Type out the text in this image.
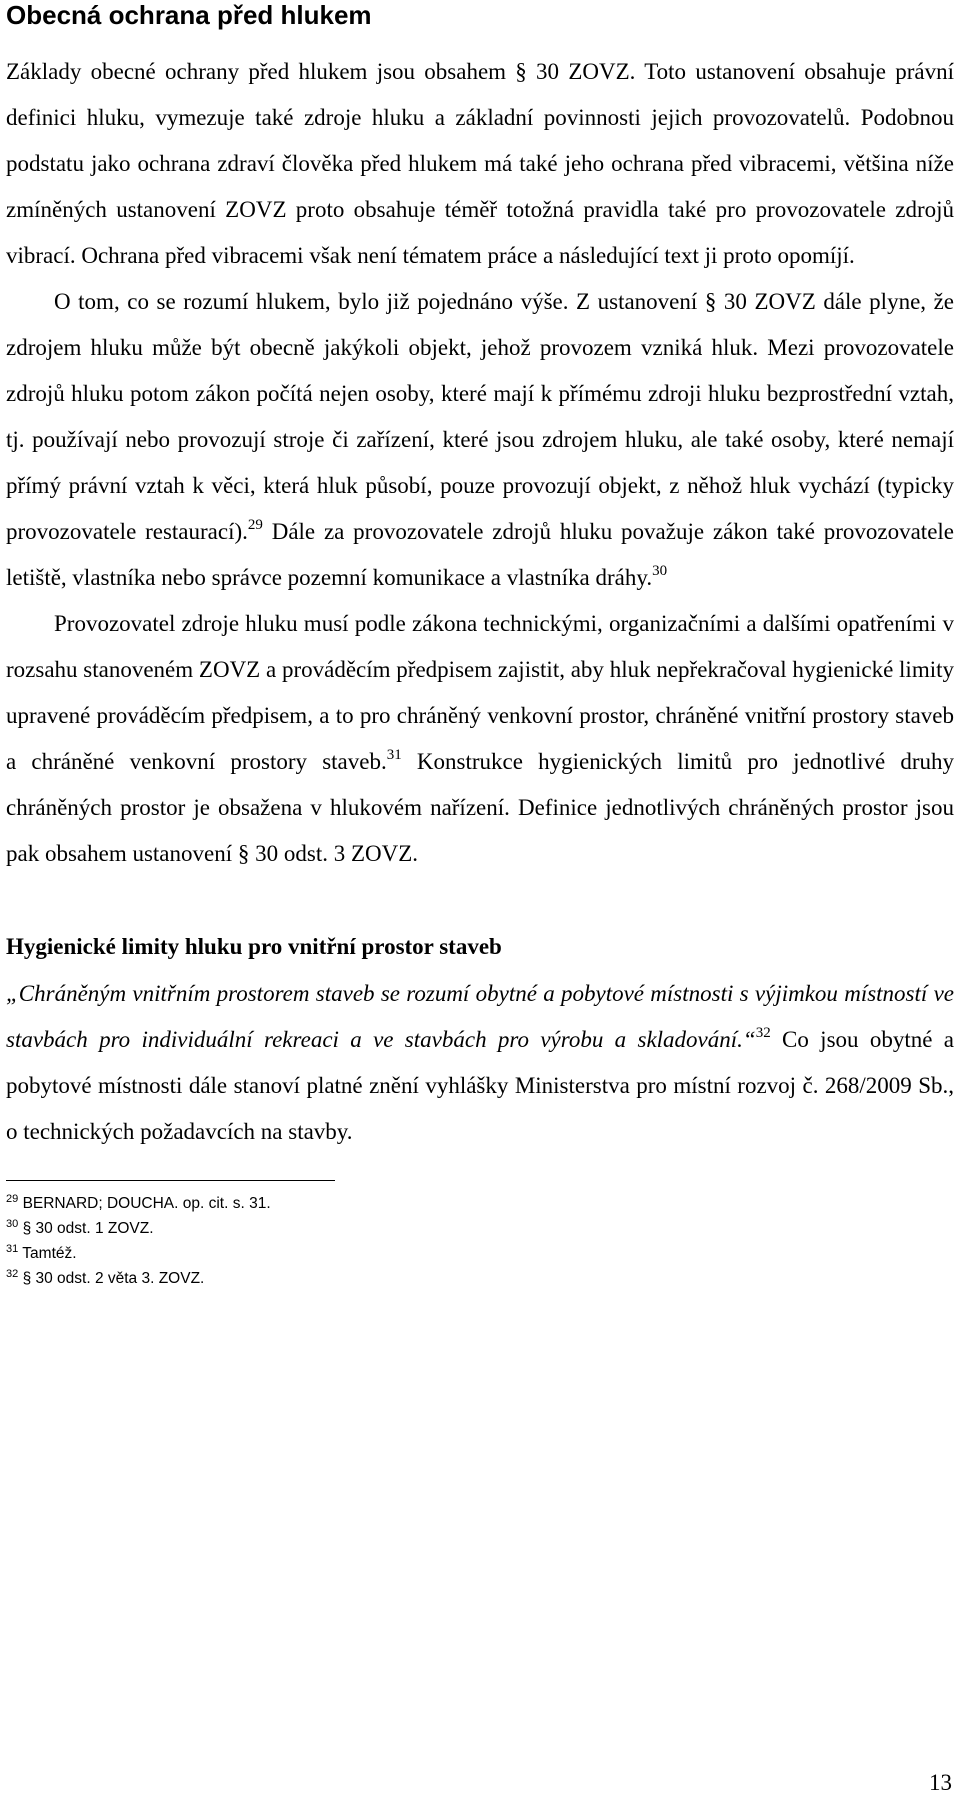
Obecná ochrana před hlukem

Základy obecné ochrany před hlukem jsou obsahem § 30 ZOVZ. Toto ustanovení obsahuje právní definici hluku, vymezuje také zdroje hluku a základní povinnosti jejich provozovatelů. Podobnou podstatu jako ochrana zdraví člověka před hlukem má také jeho ochrana před vibracemi, většina níže zmíněných ustanovení ZOVZ proto obsahuje téměř totožná pravidla také pro provozovatele zdrojů vibrací. Ochrana před vibracemi však není tématem práce a následující text ji proto opomíjí.

O tom, co se rozumí hlukem, bylo již pojednáno výše. Z ustanovení § 30 ZOVZ dále plyne, že zdrojem hluku může být obecně jakýkoli objekt, jehož provozem vzniká hluk. Mezi provozovatele zdrojů hluku potom zákon počítá nejen osoby, které mají k přímému zdroji hluku bezprostřední vztah, tj. používají nebo provozují stroje či zařízení, které jsou zdrojem hluku, ale také osoby, které nemají přímý právní vztah k věci, která hluk působí, pouze provozují objekt, z něhož hluk vychází (typicky provozovatele restaurací).$^{29}$ Dále za provozovatele zdrojů hluku považuje zákon také provozovatele letiště, vlastníka nebo správce pozemní komunikace a vlastníka dráhy.$^{30}$

Provozovatel zdroje hluku musí podle zákona technickými, organizačními a dalšími opatřeními v rozsahu stanoveném ZOVZ a prováděcím předpisem zajistit, aby hluk nepřekračoval hygienické limity upravené prováděcím předpisem, a to pro chráněný venkovní prostor, chráněné vnitřní prostory staveb a chráněné venkovní prostory staveb.$^{31}$ Konstrukce hygienických limitů pro jednotlivé druhy chráněných prostor je obsažena v hlukovém nařízení. Definice jednotlivých chráněných prostor jsou pak obsahem ustanovení § 30 odst. 3 ZOVZ.

Hygienické limity hluku pro vnitřní prostor staveb

„Chráněným vnitřním prostorem staveb se rozumí obytné a pobytové místnosti s výjimkou místností ve stavbách pro individuální rekreaci a ve stavbách pro výrobu a skladování.“$^{32}$ Co jsou obytné a pobytové místnosti dále stanoví platné znění vyhlášky Ministerstva pro místní rozvoj č. 268/2009 Sb., o technických požadavcích na stavby.

$^{29}$ BERNARD; DOUCHA. op. cit. s. 31.
$^{30}$ § 30 odst. 1 ZOVZ.
$^{31}$ Tamtéž.
$^{32}$ § 30 odst. 2 věta 3. ZOVZ.
13
